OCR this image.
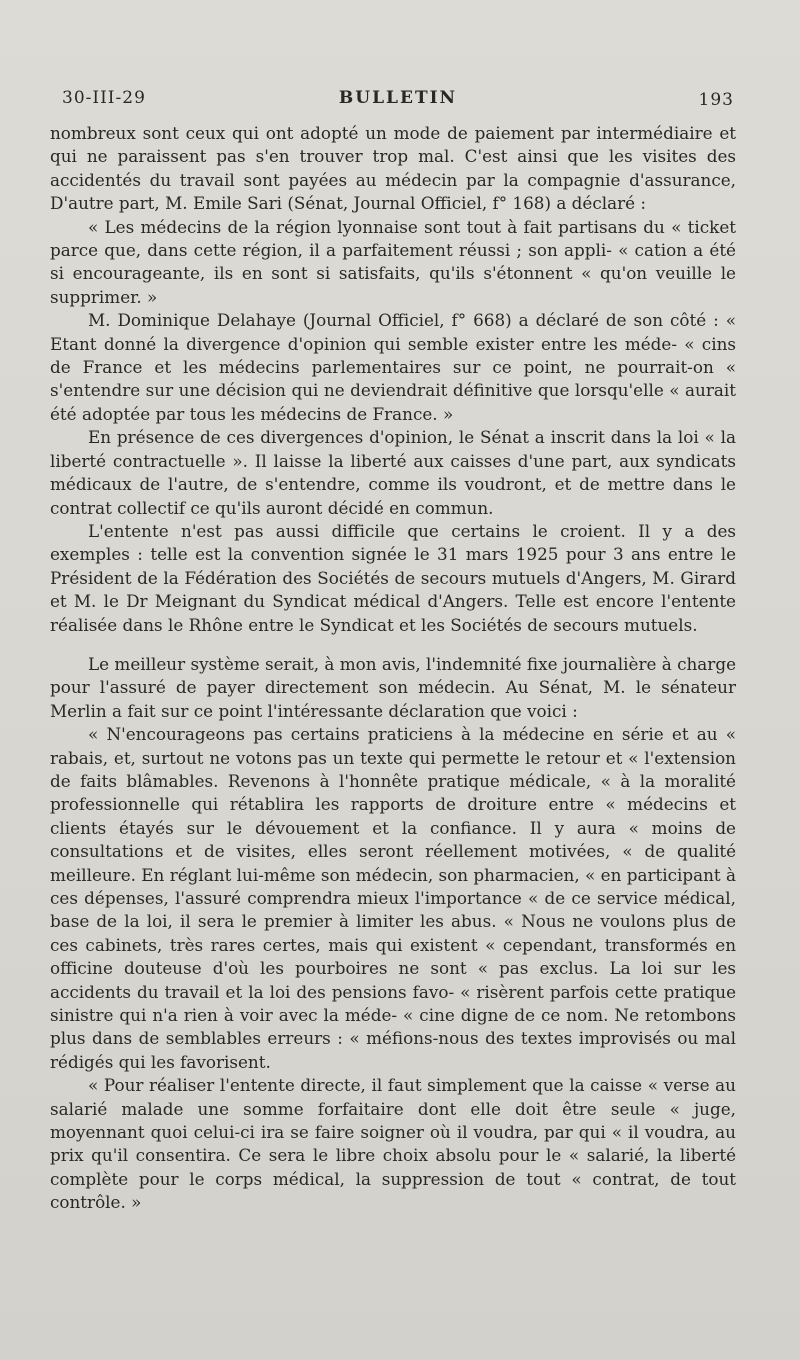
30-III-29	BULLETIN	193

nombreux sont ceux qui ont adopté un mode de paiement par intermédiaire et qui ne paraissent pas s'en trouver trop mal. C'est ainsi que les visites des accidentés du travail sont payées au médecin par la compagnie d'assurance, D'autre part, M. Emile Sari (Sénat, Journal Officiel, f° 168) a déclaré :

« Les médecins de la région lyonnaise sont tout à fait partisans du « ticket parce que, dans cette région, il a parfaitement réussi ; son appli- « cation a été si encourageante, ils en sont si satisfaits, qu'ils s'étonnent « qu'on veuille le supprimer. »

M. Dominique Delahaye (Journal Officiel, f° 668) a déclaré de son côté : « Etant donné la divergence d'opinion qui semble exister entre les méde- « cins de France et les médecins parlementaires sur ce point, ne pourrait-on « s'entendre sur une décision qui ne deviendrait définitive que lorsqu'elle « aurait été adoptée par tous les médecins de France. »

En présence de ces divergences d'opinion, le Sénat a inscrit dans la loi « la liberté contractuelle ». Il laisse la liberté aux caisses d'une part, aux syndicats médicaux de l'autre, de s'entendre, comme ils voudront, et de mettre dans le contrat collectif ce qu'ils auront décidé en commun.

L'entente n'est pas aussi difficile que certains le croient. Il y a des exemples : telle est la convention signée le 31 mars 1925 pour 3 ans entre le Président de la Fédération des Sociétés de secours mutuels d'Angers, M. Girard et M. le Dr Meignant du Syndicat médical d'Angers. Telle est encore l'entente réalisée dans le Rhône entre le Syndicat et les Sociétés de secours mutuels.

Le meilleur système serait, à mon avis, l'indemnité fixe journalière à charge pour l'assuré de payer directement son médecin. Au Sénat, M. le sénateur Merlin a fait sur ce point l'intéressante déclaration que voici :

« N'encourageons pas certains praticiens à la médecine en série et au « rabais, et, surtout ne votons pas un texte qui permette le retour et « l'extension de faits blâmables. Revenons à l'honnête pratique médicale, « à la moralité professionnelle qui rétablira les rapports de droiture entre « médecins et clients étayés sur le dévouement et la confiance. Il y aura « moins de consultations et de visites, elles seront réellement motivées, « de qualité meilleure. En réglant lui-même son médecin, son pharmacien, « en participant à ces dépenses, l'assuré comprendra mieux l'importance « de ce service médical, base de la loi, il sera le premier à limiter les abus. « Nous ne voulons plus de ces cabinets, très rares certes, mais qui existent « cependant, transformés en officine douteuse d'où les pourboires ne sont « pas exclus. La loi sur les accidents du travail et la loi des pensions favo- « risèrent parfois cette pratique sinistre qui n'a rien à voir avec la méde- « cine digne de ce nom. Ne retombons plus dans de semblables erreurs : « méfions-nous des textes improvisés ou mal rédigés qui les favorisent.

« Pour réaliser l'entente directe, il faut simplement que la caisse « verse au salarié malade une somme forfaitaire dont elle doit être seule « juge, moyennant quoi celui-ci ira se faire soigner où il voudra, par qui « il voudra, au prix qu'il consentira. Ce sera le libre choix absolu pour le « salarié, la liberté complète pour le corps médical, la suppression de tout « contrat, de tout contrôle. »
